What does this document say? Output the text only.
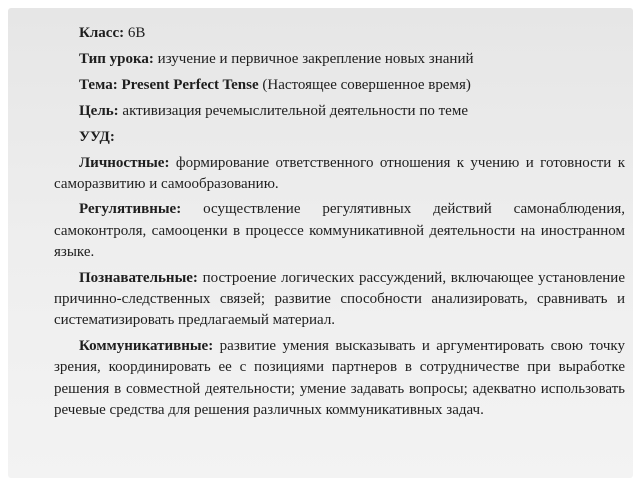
Класс: 6В
Тип урока: изучение и первичное закрепление новых знаний
Тема: Present Perfect Tense (Настоящее совершенное время)
Цель: активизация речемыслительной деятельности по теме
УУД:
Личностные: формирование ответственного отношения к учению и готовности к саморазвитию и самообразованию.
Регулятивные: осуществление регулятивных действий самонаблюдения, самоконтроля, самооценки в процессе коммуникативной деятельности на иностранном языке.
Познавательные: построение логических рассуждений, включающее установление причинно-следственных связей; развитие способности анализировать, сравнивать и систематизировать предлагаемый материал.
Коммуникативные: развитие умения высказывать и аргументировать свою точку зрения, координировать ее с позициями партнеров в сотрудничестве при выработке решения в совместной деятельности; умение задавать вопросы; адекватно использовать речевые средства для решения различных коммуникативных задач.
